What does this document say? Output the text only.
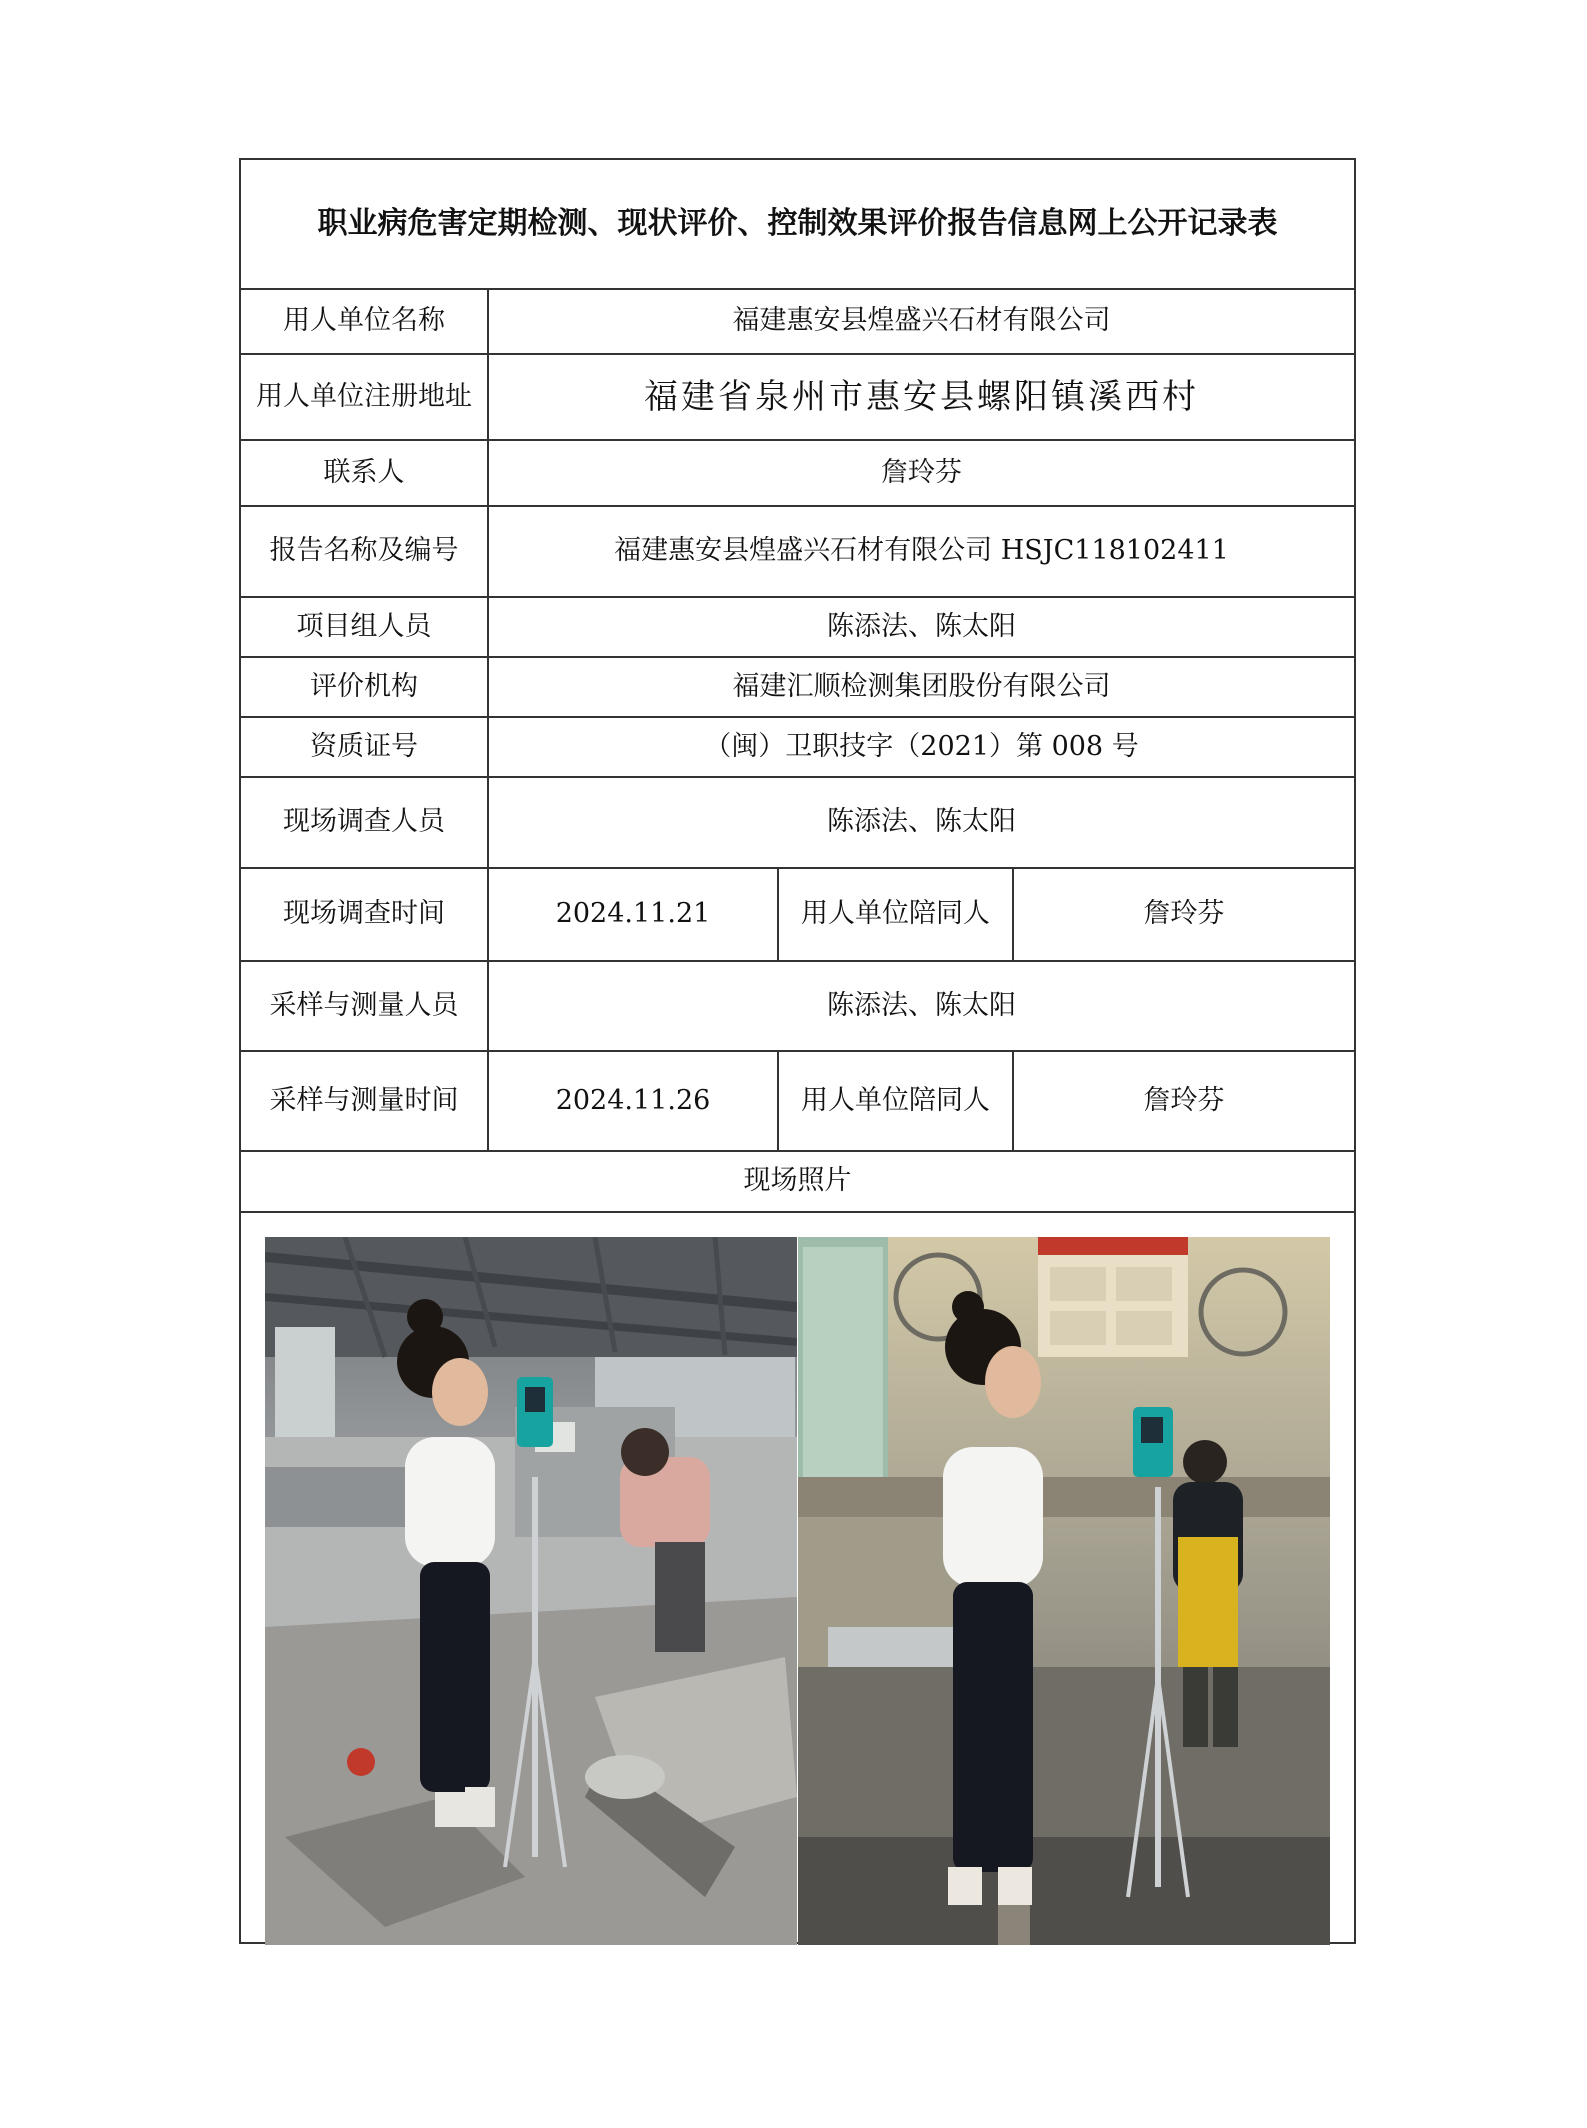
职业病危害定期检测、现状评价、控制效果评价报告信息网上公开记录表			
用人单位名称	福建惠安县煌盛兴石材有限公司		
用人单位注册地址	福建省泉州市惠安县螺阳镇溪西村		
联系人	詹玲芬		
报告名称及编号	福建惠安县煌盛兴石材有限公司 HSJC118102411		
项目组人员	陈添法、陈太阳		
评价机构	福建汇顺检测集团股份有限公司		
资质证号	（闽）卫职技字（2021）第 008 号		
现场调查人员	陈添法、陈太阳		
现场调查时间	2024.11.21	用人单位陪同人	詹玲芬
采样与测量人员	陈添法、陈太阳		
采样与测量时间	2024.11.26	用人单位陪同人	詹玲芬
现场照片			
